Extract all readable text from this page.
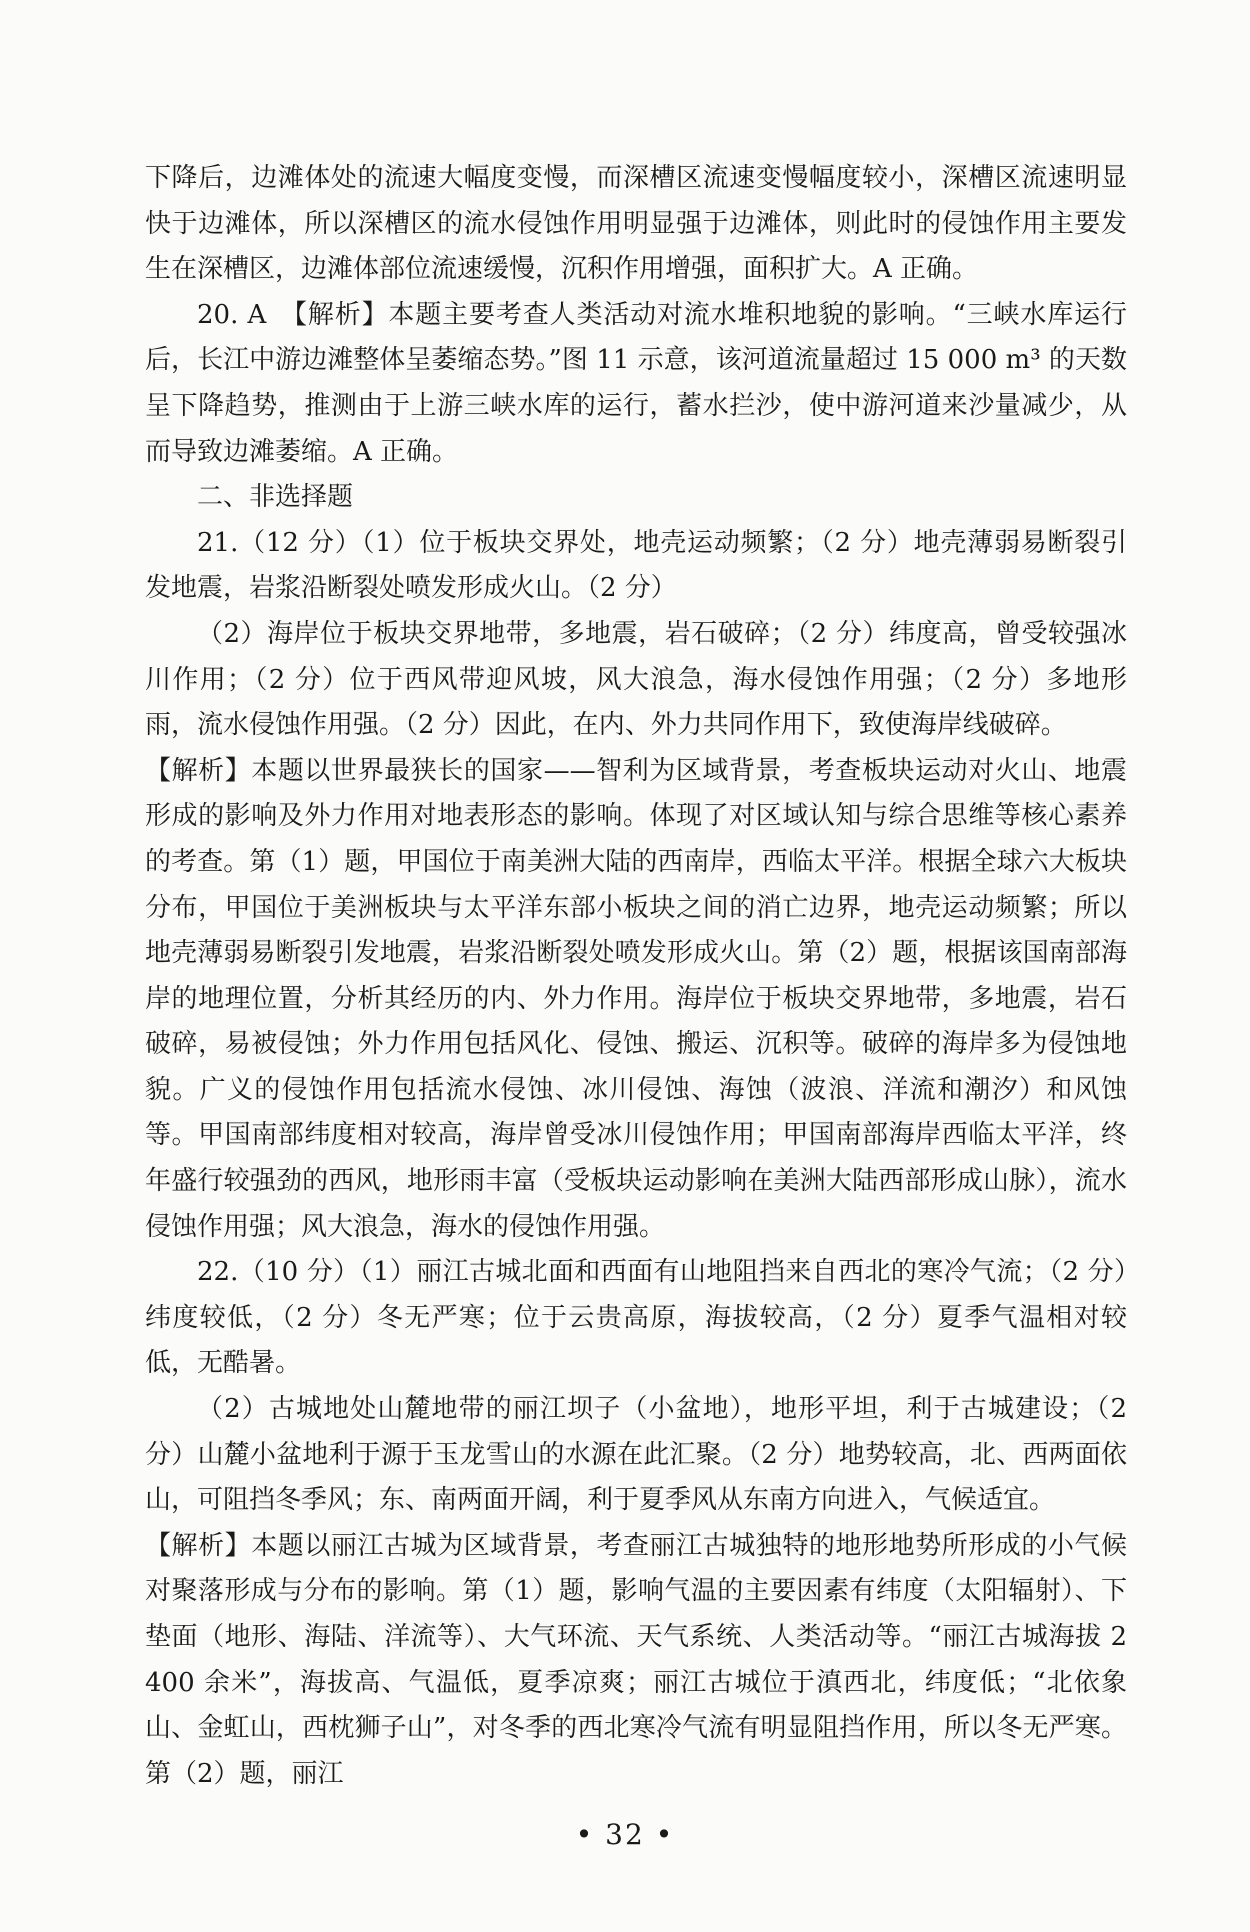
下降后，边滩体处的流速大幅度变慢，而深槽区流速变慢幅度较小，深槽区流速明显快于边滩体，所以深槽区的流水侵蚀作用明显强于边滩体，则此时的侵蚀作用主要发生在深槽区，边滩体部位流速缓慢，沉积作用增强，面积扩大。A 正确。

20. A　【解析】本题主要考查人类活动对流水堆积地貌的影响。“三峡水库运行后，长江中游边滩整体呈萎缩态势。”图 11 示意，该河道流量超过 15 000 m³ 的天数呈下降趋势，推测由于上游三峡水库的运行，蓄水拦沙，使中游河道来沙量减少，从而导致边滩萎缩。A 正确。

二、非选择题

21.（12 分）（1）位于板块交界处，地壳运动频繁；（2 分）地壳薄弱易断裂引发地震，岩浆沿断裂处喷发形成火山。（2 分）

（2）海岸位于板块交界地带，多地震，岩石破碎；（2 分）纬度高，曾受较强冰川作用；（2 分）位于西风带迎风坡，风大浪急，海水侵蚀作用强；（2 分）多地形雨，流水侵蚀作用强。（2 分）因此，在内、外力共同作用下，致使海岸线破碎。

【解析】本题以世界最狭长的国家——智利为区域背景，考查板块运动对火山、地震形成的影响及外力作用对地表形态的影响。体现了对区域认知与综合思维等核心素养的考查。第（1）题，甲国位于南美洲大陆的西南岸，西临太平洋。根据全球六大板块分布，甲国位于美洲板块与太平洋东部小板块之间的消亡边界，地壳运动频繁；所以地壳薄弱易断裂引发地震，岩浆沿断裂处喷发形成火山。第（2）题，根据该国南部海岸的地理位置，分析其经历的内、外力作用。海岸位于板块交界地带，多地震，岩石破碎，易被侵蚀；外力作用包括风化、侵蚀、搬运、沉积等。破碎的海岸多为侵蚀地貌。广义的侵蚀作用包括流水侵蚀、冰川侵蚀、海蚀（波浪、洋流和潮汐）和风蚀等。甲国南部纬度相对较高，海岸曾受冰川侵蚀作用；甲国南部海岸西临太平洋，终年盛行较强劲的西风，地形雨丰富（受板块运动影响在美洲大陆西部形成山脉），流水侵蚀作用强；风大浪急，海水的侵蚀作用强。

22.（10 分）（1）丽江古城北面和西面有山地阻挡来自西北的寒冷气流；（2 分）纬度较低，（2 分）冬无严寒；位于云贵高原，海拔较高，（2 分）夏季气温相对较低，无酷暑。

（2）古城地处山麓地带的丽江坝子（小盆地），地形平坦，利于古城建设；（2 分）山麓小盆地利于源于玉龙雪山的水源在此汇聚。（2 分）地势较高，北、西两面依山，可阻挡冬季风；东、南两面开阔，利于夏季风从东南方向进入，气候适宜。

【解析】本题以丽江古城为区域背景，考查丽江古城独特的地形地势所形成的小气候对聚落形成与分布的影响。第（1）题，影响气温的主要因素有纬度（太阳辐射）、下垫面（地形、海陆、洋流等）、大气环流、天气系统、人类活动等。“丽江古城海拔 2 400 余米”，海拔高、气温低，夏季凉爽；丽江古城位于滇西北，纬度低；“北依象山、金虹山，西枕狮子山”，对冬季的西北寒冷气流有明显阻挡作用，所以冬无严寒。第（2）题，丽江

• 32 •
